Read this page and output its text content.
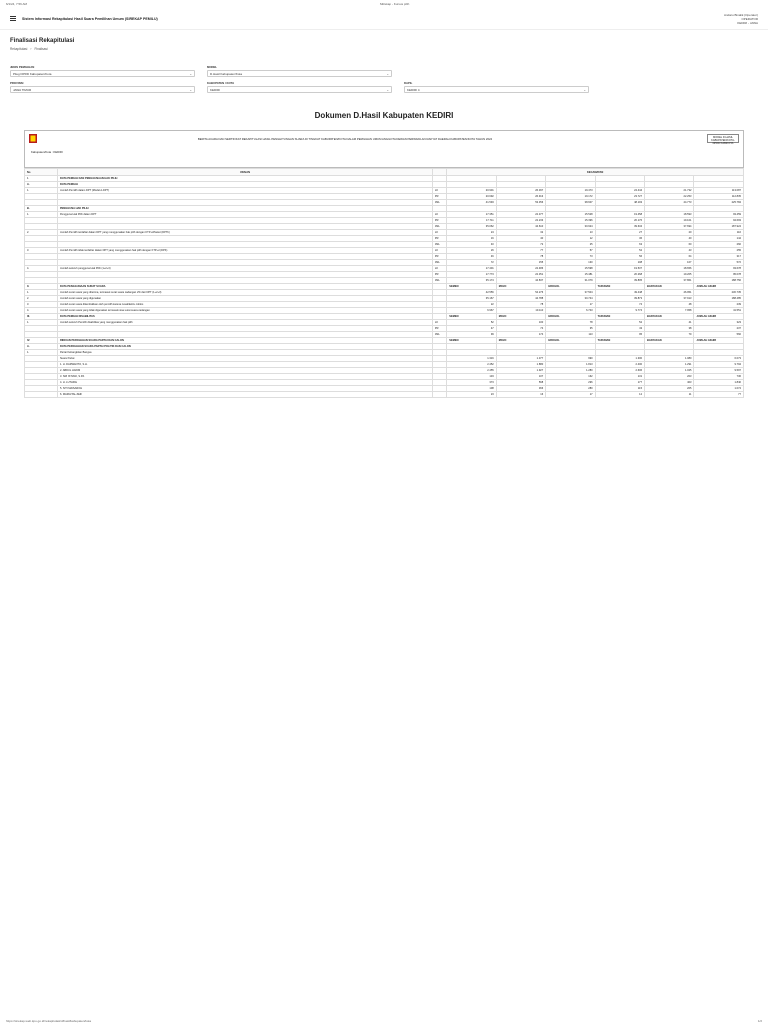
6/1/24, 7:56 AM	SiRekap - Kursus pilih
Sistem Informasi Rekapitulasi Hasil Suara Pemilihan Umum (SIREKAP PEMILU)
Andaru Binalik (Operator)
OPERATOR
KEDIRI - JAWA
Finalisasi Rekapitulasi
Rekapitulasi › Finalisasi
JENIS PEMILIHAN
Pileg DPRD Kabupaten/Kota	⌄
MODEL
D.Hasil Kabupaten/Kota	⌄
PROVINSI
JAWA TIMUR	⌄
KABUPATEN / KOTA
KEDIRI	⌄
DAPIL
KEDIRI 4	⌄
Dokumen D.Hasil Kabupaten KEDIRI
BERITA ACARA DAN SERTIFIKAT REKAPITULASI HASIL PENGHITUNGAN SUARA DI TINGKAT KABUPATEN/KOTA DALAM PEMILIHAN UMUM ANGGOTA DEWAN PERWAKILAN RAKYAT DAERAH KABUPATEN/KOTA TAHUN 2024	MODEL D.HASIL KABUPATEN/KOTA-DPRD KAB/KOTA
Kabupaten/Kota : KEDIRI
No	URAIAN		KECAMATAN					
I.	DATA PEMILIH DAN PENGGUNAAN HAK PILIH							
A.	DATA PEMILIH							
1.	Jumlah Pemilih dalam DPT (Model A-DPT)	LK	20.901	26.397	19.473	24.444	21.732	113.087
		PR	20.692	26.913	19.172	23.727	22.253	112.835
		JML	41.593	53.356	38.607	48.193	44.773	225.784
B.	PENGGUNA HAK PILIH							
1.	Pengguna Hak Pilih dalam DPT	LK	17.351	22.377	15.528	19.458	18.593	93.459
		PR	17.711	22.233	15.396	20.176	19.101	94.693
		JML	35.062	44.610	30.924	39.634	37.694	187.924
2.	Jumlah Pemilih terdaftar dalam DPT yang menggunakan hak pilih dengan KTP-el/Suket (DPTb)	LK	24	32	13	27	20	116
		PR	16	40	12	36	40	144
		JML	40	72	25	63	60	260
3.	Jumlah Pemilih tidak terdaftar dalam DPT yang menggunakan hak pilih dengan KTP-el (DPK)	LK	26	77	57	52	43	255
		PR	46	78	73	56	64	317
		JML	72	155	130	108	107	572
4.	Jumlah seluruh pengguna Hak Pilih (1+2+3)	LK	17.401	22.486	15.598	19.537	18.656	93.678
		PR	17.773	22.351	15.481	20.268	19.205	95.078
		JML	35.174	44.837	31.079	39.805	37.861	188.756
II.	DATA PENGGUNAAN SURAT SUARA		SEMEN	MOJO	GROGOL	TARUNAN	BANYAKAN	JUMLAH AKHIR
1.	Jumlah surat suara yang diterima, termasuk surat suara cadangan 2% dari DPT (1+2+3)		42.556	54.276	37.504	49.448	46.951	230.735
2.	Jumlah surat suara yang digunakan		35.167	44.788	30.744	39.873	37.913	188.485
3.	Jumlah surat suara dikembalikan oleh pemilih karena rusak/keliru coblos		22	78	17	74	48	239
4.	Jumlah surat suara yang tidak digunakan termasuk sisa surat suara cadangan		6.967	10.110	6.743	9.774	7.958	41.551
III.	DATA PEMILIH DISABILITAS		SEMEN	MOJO	GROGOL	TARUNAN	BANYAKAN	JUMLAH AKHIR
1.	Jumlah seluruh Pemilih disabilitas yang menggunakan hak pilih	LK	52	100	78	52	41	323
		PR	47	74	35	43	38	237
		JML	99	174	113	95	79	560
IV.	RINCIAN PEROLEHAN SUARA PARTAI DAN CALON		SEMEN	MOJO	GROGOL	TARUNAN	BANYAKAN	JUMLAH AKHIR
A.	DATA PEROLEHAN SUARA PARTAI POLITIK DAN CALON							
1.	Partai Kebangkitan Bangsa							
	Suara Partai		1.316	1.377	990	1.300	1.080	6.073
	1. H. DARWANTO, S.H.		2.452	1.880	1.813	2.400	1.291	9.794
	2. ABDUL HAKIM		2.455	1.927	1.280	2.606	1.025	9.597
	3. SRI ISTIANI, S.Pd.		133	107	162	131	203	736
	4. H. LUTHFIE		373	568	296	177	403	1.840
	5. SITI MAISAROH		108	366	280	115	205	1.074
	6. MARGITAL ZEIF		23	16	17	12	11	77
https://sirekap-web.kpu.go.id/rekapitulasi/d/hasil/kabupaten/kota	1/2
